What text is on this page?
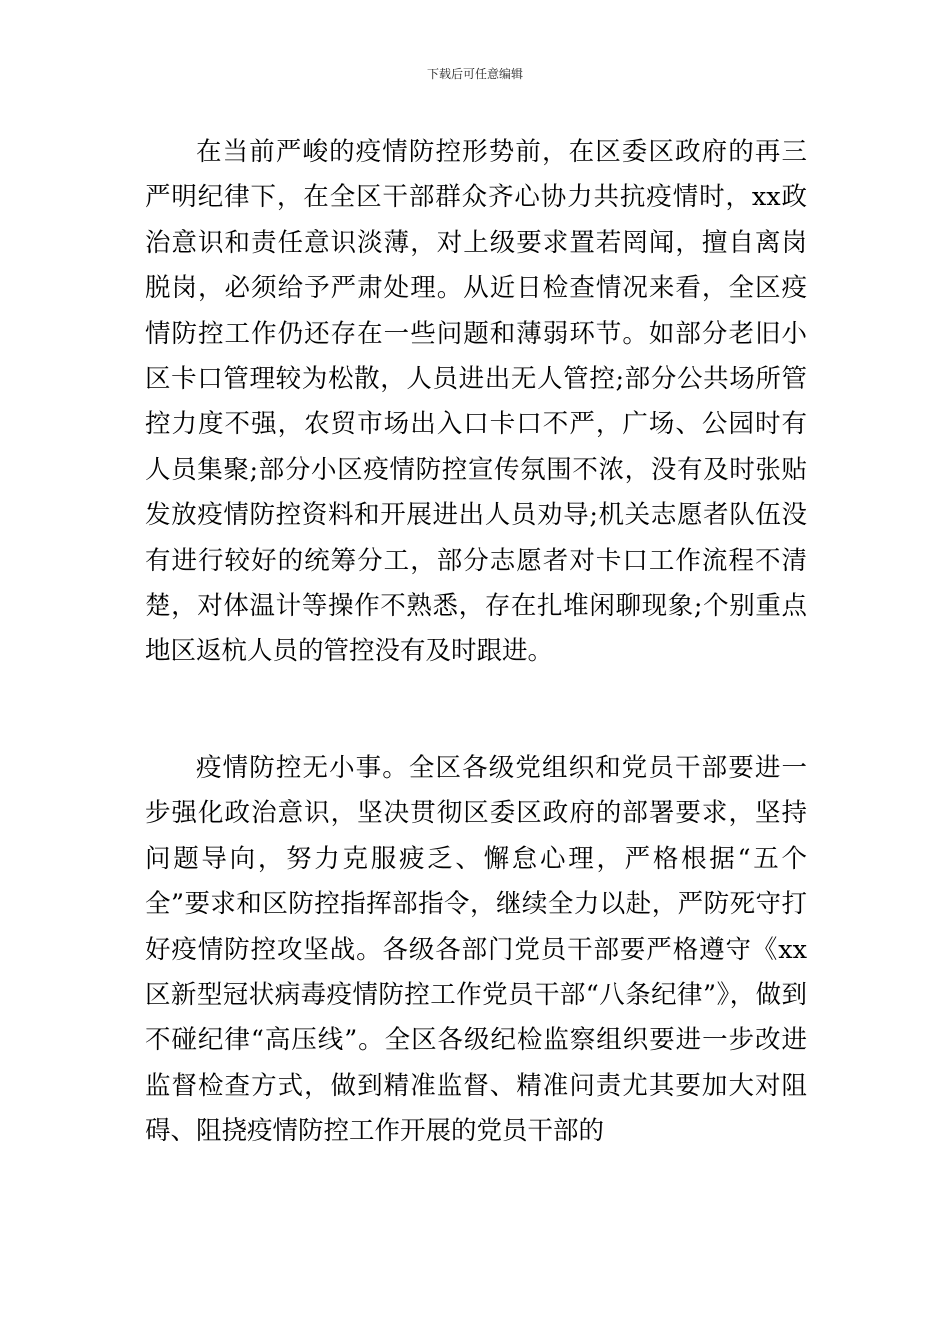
下载后可任意编辑

在当前严峻的疫情防控形势前，在区委区政府的再三严明纪律下，在全区干部群众齐心协力共抗疫情时，xx政治意识和责任意识淡薄，对上级要求置若罔闻，擅自离岗脱岗，必须给予严肃处理。从近日检查情况来看，全区疫情防控工作仍还存在一些问题和薄弱环节。如部分老旧小区卡口管理较为松散，人员进出无人管控;部分公共场所管控力度不强，农贸市场出入口卡口不严，广场、公园时有人员集聚;部分小区疫情防控宣传氛围不浓，没有及时张贴发放疫情防控资料和开展进出人员劝导;机关志愿者队伍没有进行较好的统筹分工，部分志愿者对卡口工作流程不清楚，对体温计等操作不熟悉，存在扎堆闲聊现象;个别重点地区返杭人员的管控没有及时跟进。

疫情防控无小事。全区各级党组织和党员干部要进一步强化政治意识，坚决贯彻区委区政府的部署要求，坚持问题导向，努力克服疲乏、懈怠心理，严格根据“五个全”要求和区防控指挥部指令，继续全力以赴，严防死守打好疫情防控攻坚战。各级各部门党员干部要严格遵守《xx区新型冠状病毒疫情防控工作党员干部“八条纪律”》，做到不碰纪律“高压线”。全区各级纪检监察组织要进一步改进监督检查方式，做到精准监督、精准问责尤其要加大对阻碍、阻挠疫情防控工作开展的党员干部的
